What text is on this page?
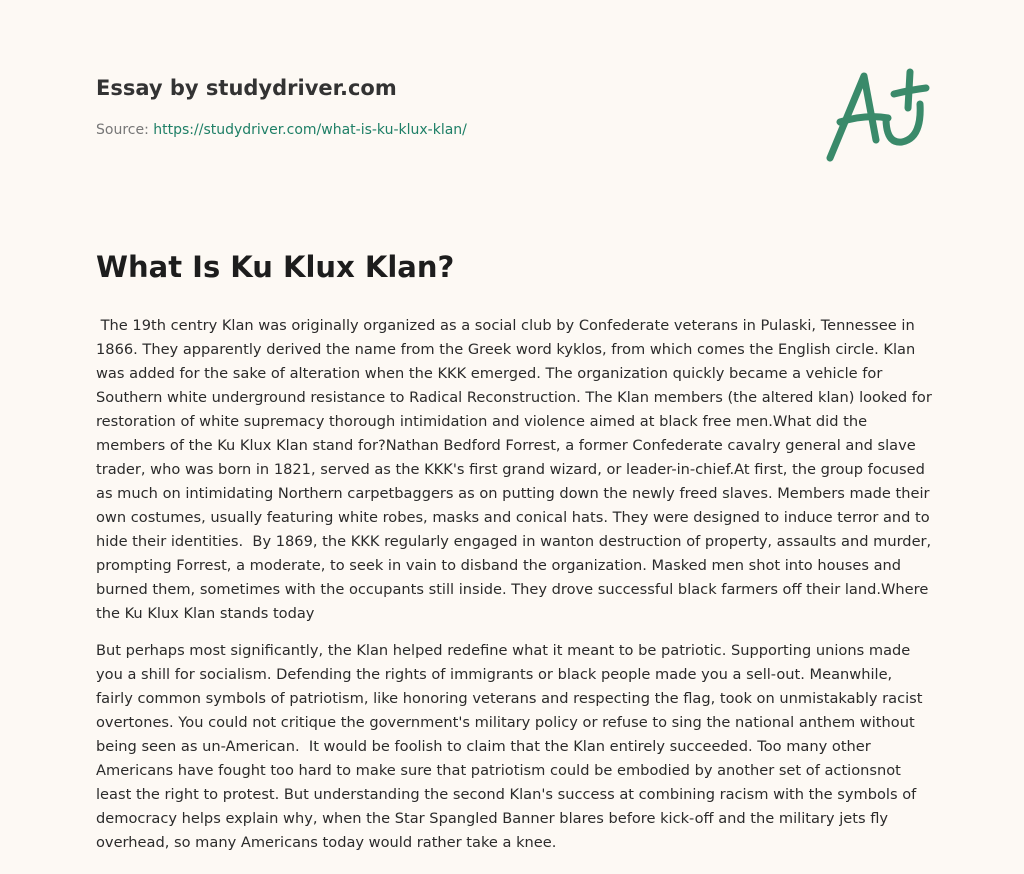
Essay by studydriver.com
Source: https://studydriver.com/what-is-ku-klux-klan/
What Is Ku Klux Klan?

The 19th centry Klan was originally organized as a social club by Confederate veterans in Pulaski, Tennessee in 1866. They apparently derived the name from the Greek word kyklos, from which comes the English circle. Klan was added for the sake of alteration when the KKK emerged. The organization quickly became a vehicle for Southern white underground resistance to Radical Reconstruction. The Klan members (the altered klan) looked for restoration of white supremacy thorough intimidation and violence aimed at black free men.What did the members of the Ku Klux Klan stand for?Nathan Bedford Forrest, a former Confederate cavalry general and slave trader, who was born in 1821, served as the KKK's first grand wizard, or leader-in-chief.At first, the group focused as much on intimidating Northern carpetbaggers as on putting down the newly freed slaves. Members made their own costumes, usually featuring white robes, masks and conical hats. They were designed to induce terror and to hide their identities.  By 1869, the KKK regularly engaged in wanton destruction of property, assaults and murder, prompting Forrest, a moderate, to seek in vain to disband the organization. Masked men shot into houses and burned them, sometimes with the occupants still inside. They drove successful black farmers off their land.Where the Ku Klux Klan stands today

But perhaps most significantly, the Klan helped redefine what it meant to be patriotic. Supporting unions made you a shill for socialism. Defending the rights of immigrants or black people made you a sell-out. Meanwhile, fairly common symbols of patriotism, like honoring veterans and respecting the flag, took on unmistakably racist overtones. You could not critique the government's military policy or refuse to sing the national anthem without being seen as un-American.  It would be foolish to claim that the Klan entirely succeeded. Too many other Americans have fought too hard to make sure that patriotism could be embodied by another set of actionsnot least the right to protest. But understanding the second Klan's success at combining racism with the symbols of democracy helps explain why, when the Star Spangled Banner blares before kick-off and the military jets fly overhead, so many Americans today would rather take a knee.
